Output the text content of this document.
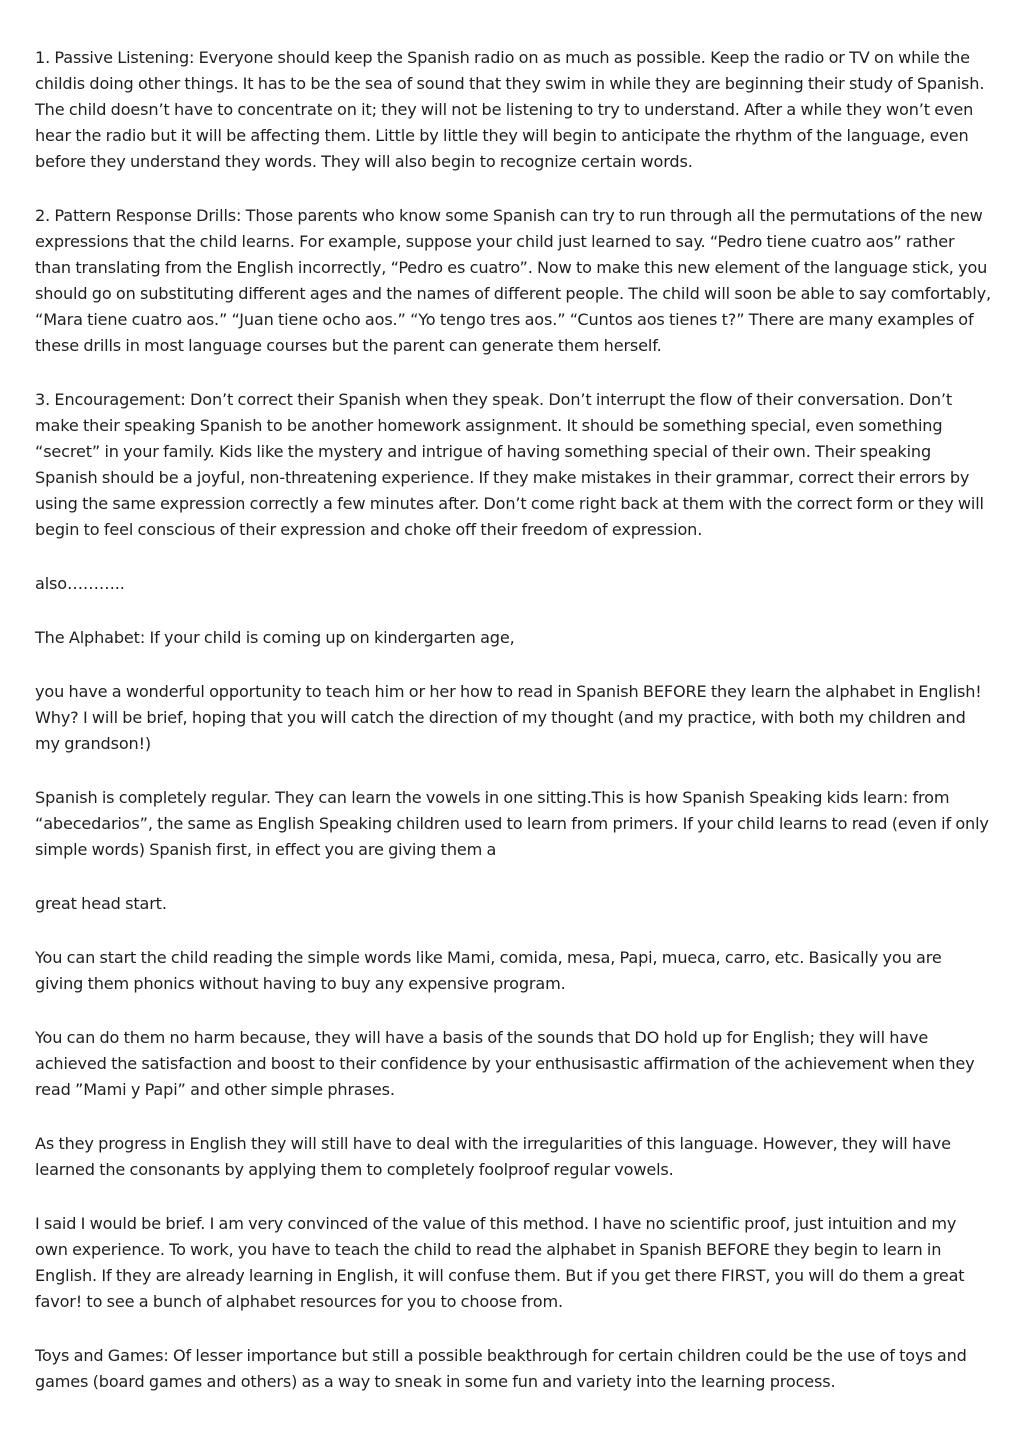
1. Passive Listening: Everyone should keep the Spanish radio on as much as possible. Keep the radio or TV on while the childis doing other things. It has to be the sea of sound that they swim in while they are beginning their study of Spanish. The child doesn’t have to concentrate on it; they will not be listening to try to understand. After a while they won’t even hear the radio but it will be affecting them. Little by little they will begin to anticipate the rhythm of the language, even before they understand they words. They will also begin to recognize certain words.

2. Pattern Response Drills: Those parents who know some Spanish can try to run through all the permutations of the new expressions that the child learns. For example, suppose your child just learned to say. “Pedro tiene cuatro aos” rather than translating from the English incorrectly, “Pedro es cuatro”. Now to make this new element of the language stick, you should go on substituting different ages and the names of different people. The child will soon be able to say comfortably, “Mara tiene cuatro aos.” “Juan tiene ocho aos.” “Yo tengo tres aos.” “Cuntos aos tienes t?” There are many examples of these drills in most language courses but the parent can generate them herself.

3. Encouragement: Don’t correct their Spanish when they speak. Don’t interrupt the flow of their conversation. Don’t make their speaking Spanish to be another homework assignment. It should be something special, even something “secret” in your family. Kids like the mystery and intrigue of having something special of their own. Their speaking Spanish should be a joyful, non-threatening experience. If they make mistakes in their grammar, correct their errors by using the same expression correctly a few minutes after. Don’t come right back at them with the correct form or they will begin to feel conscious of their expression and choke off their freedom of expression.

also………..

The Alphabet: If your child is coming up on kindergarten age,

you have a wonderful opportunity to teach him or her how to read in Spanish BEFORE they learn the alphabet in English! Why? I will be brief, hoping that you will catch the direction of my thought (and my practice, with both my children and my grandson!)

Spanish is completely regular. They can learn the vowels in one sitting.This is how Spanish Speaking kids learn: from “abecedarios”, the same as English Speaking children used to learn from primers. If your child learns to read (even if only simple words) Spanish first, in effect you are giving them a

great head start.

You can start the child reading the simple words like Mami, comida, mesa, Papi, mueca, carro, etc. Basically you are giving them phonics without having to buy any expensive program.

You can do them no harm because, they will have a basis of the sounds that DO hold up for English; they will have achieved the satisfaction and boost to their confidence by your enthusisastic affirmation of the achievement when they read ”Mami y Papi” and other simple phrases.

As they progress in English they will still have to deal with the irregularities of this language. However, they will have learned the consonants by applying them to completely foolproof regular vowels.

I said I would be brief. I am very convinced of the value of this method. I have no scientific proof, just intuition and my own experience. To work, you have to teach the child to read the alphabet in Spanish BEFORE they begin to learn in English. If they are already learning in English, it will confuse them. But if you get there FIRST, you will do them a great favor! to see a bunch of alphabet resources for you to choose from.

Toys and Games: Of lesser importance but still a possible beakthrough for certain children could be the use of toys and games (board games and others) as a way to sneak in some fun and variety into the learning process.
